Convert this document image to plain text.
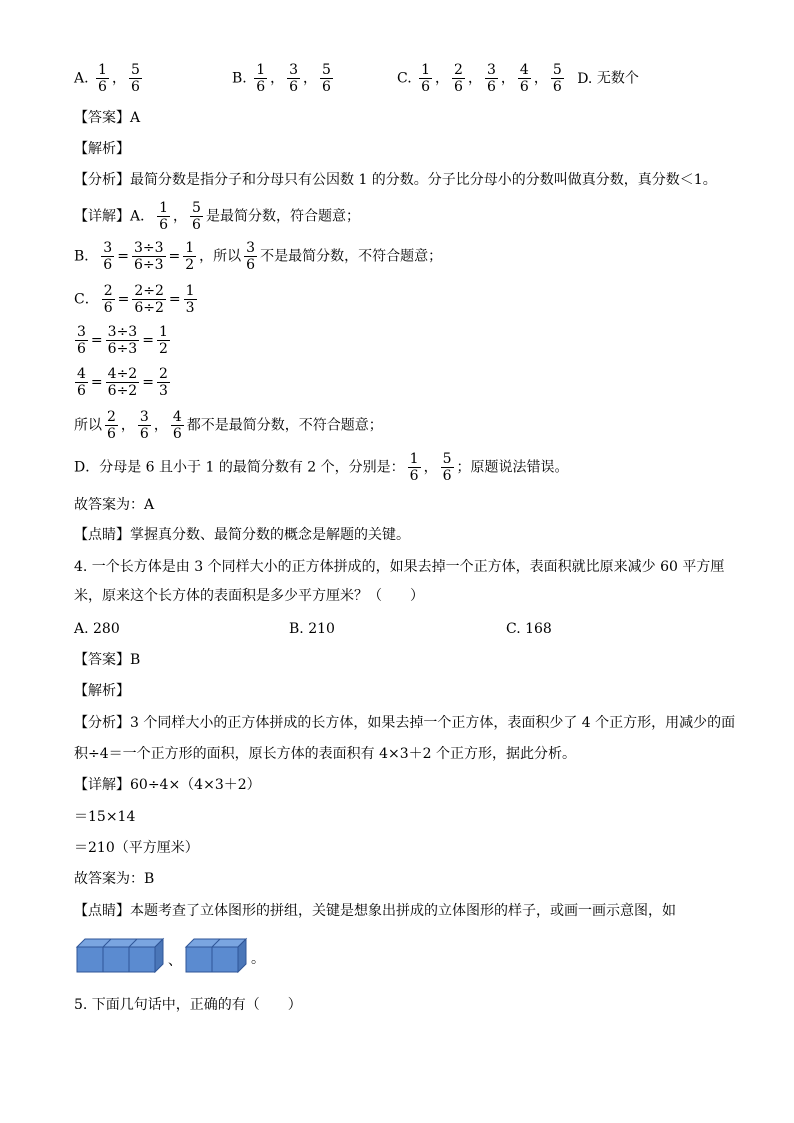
A. $\frac{1}{6}$ ， $\frac{5}{6}$	B. $\frac{1}{6}$ ， $\frac{3}{6}$ ， $\frac{5}{6}$	C. $\frac{1}{6}$ ， $\frac{2}{6}$ ， $\frac{3}{6}$ ， $\frac{4}{6}$ ， $\frac{5}{6} D$. 无数个
【答案】A
【解析】
【分析】最简分数是指分子和分母只有公因数 1 的分数。分子比分母小的分数叫做真分数，真分数＜1。
【详解】A． $\frac{1}{6}$ ， $\frac{5}{6}$ 是最简分数，符合题意；
B． $\frac{3}{6} = \frac{3\div 3}{6\div 3} = \frac{1}{2}$ ，所以 $\frac{3}{6}$ 不是最简分数，不符合题意；
C． $\frac{2}{6} = \frac{2\div 2}{6\div 2} = \frac{1}{3}$
$\frac{3}{6} = \frac{3\div 3}{6\div 3} = \frac{1}{2}$
$\frac{4}{6} = \frac{4\div 2}{6\div 2} = \frac{2}{3}$
所以 $\frac{2}{6}$ ， $\frac{3}{6}$ ， $\frac{4}{6}$ 都不是最简分数，不符合题意；
D．分母是 6 且小于 1 的最简分数有 2 个，分别是： $\frac{1}{6}$ ， $\frac{5}{6}$ ；原题说法错误。
故答案为：A
【点睛】掌握真分数、最简分数的概念是解题的关键。
4. 一个长方体是由 3 个同样大小的正方体拼成的，如果去掉一个正方体，表面积就比原来减少 60 平方厘
米，原来这个长方体的表面积是多少平方厘米？（　　）
A. 280	B. 210	C. 168
【答案】B
【解析】
【分析】3 个同样大小的正方体拼成的长方体，如果去掉一个正方体，表面积少了 4 个正方形，用减少的面
积÷4＝一个正方形的面积，原长方体的表面积有 4×3＋2 个正方形，据此分析。
【详解】60÷4×（4×3＋2）
＝15×14
＝210（平方厘米）
故答案为：B
【点睛】本题考查了立体图形的拼组，关键是想象出拼成的立体图形的样子，或画一画示意图，如
、	。
5. 下面几句话中，正确的有（　　）
